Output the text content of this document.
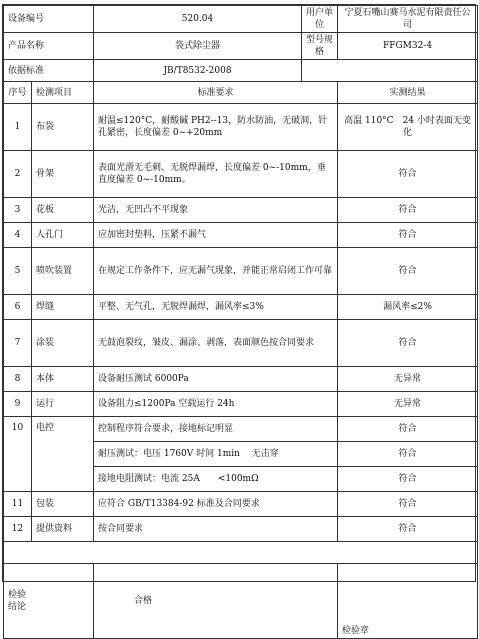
设备编号		520.04	用户单位	宁夏石嘴山赛马水泥有限责任公司
产品名称		袋式除尘器	型号规格	FFGM32-4
依据标准		JB/T8532-2008		
序号	检测项目	标准要求		实测结果
1	布袋	耐温≤120°C，耐酸碱 PH2--13，防水防油，无破洞，针孔紧密，长度偏差 0~+20mm		高温 110°C　24 小时表面无变化
2	骨架	表面光滑无毛刺、无脱焊漏焊，长度偏差 0~-10mm，垂直度偏差 0~-10mm。		符合
3	花板	光洁，无凹凸不平现象		符合
4	人孔门	应加密封垫料，压紧不漏气		符合
5	喷吹装置	在规定工作条件下，应无漏气现象，并能正常启闭工作可靠		符合
6	焊缝	平整、无气孔，无脱焊漏焊，漏风率≤3%		漏风率≤2%
7	涂装	无鼓泡裂纹，皱皮、漏涂、剥落，表面颜色按合同要求		符合
8	本体	设备耐压测试 6000Pa		无异常
9	运行	设备阻力≤1200Pa 空载运行 24h		无异常
10	电控	控制程序符合要求，接地标记明显		符合
		耐压测试：电压 1760V 时间 1min　 无击穿		符合
		接地电阻测试：电流 25A　　<100mΩ		符合
11	包装	应符合 GB/T13384-92 标准及合同要求		符合
12	提供资料	按合同要求		符合

检验
结论		合格		检验章
